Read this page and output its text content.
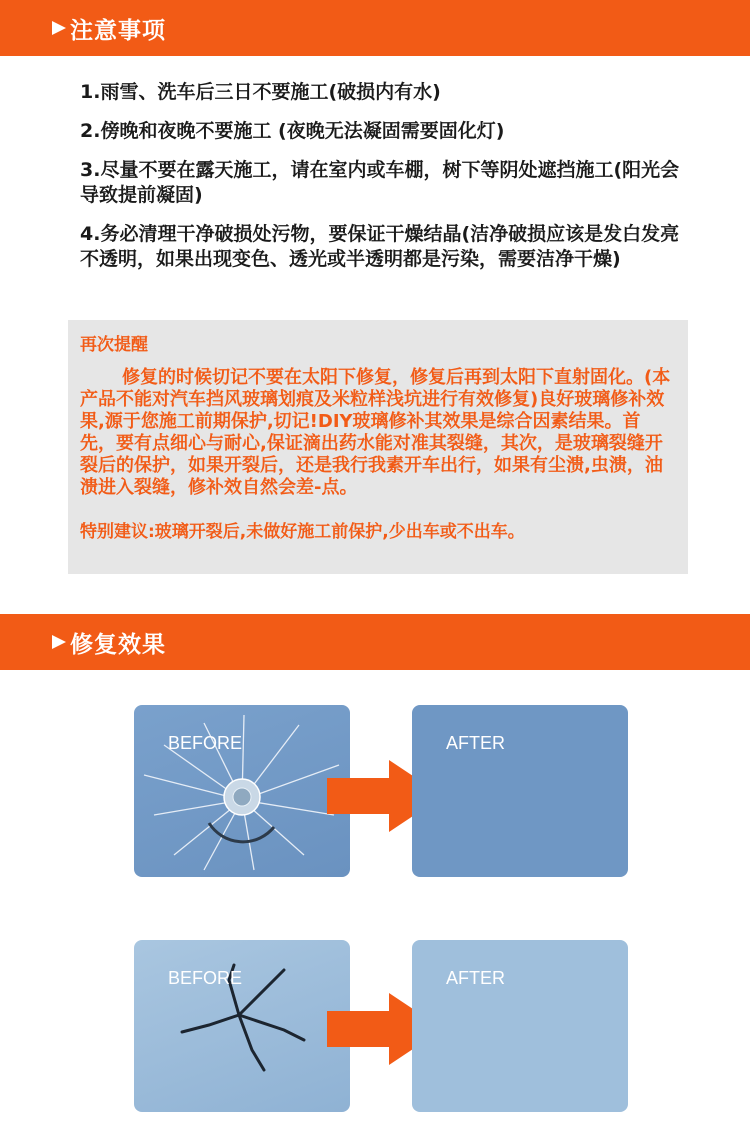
注意事项

1.雨雪、洗车后三日不要施工(破损内有水)

2.傍晚和夜晚不要施工 (夜晚无法凝固需要固化灯)

3.尽量不要在露天施工，请在室内或车棚，树下等阴处遮挡施工(阳光会导致提前凝固)

4.务必清理干净破损处污物，要保证干燥结晶(洁净破损应该是发白发亮不透明，如果出现变色、透光或半透明都是污染，需要洁净干燥)

再次提醒

修复的时候切记不要在太阳下修复，修复后再到太阳下直射固化。(本产品不能对汽车挡风玻璃划痕及米粒样浅坑进行有效修复)良好玻璃修补效果,源于您施工前期保护,切记!DIY玻璃修补其效果是综合因素结果。首先，要有点细心与耐心,保证滴出药水能对准其裂缝，其次，是玻璃裂缝开裂后的保护，如果开裂后，还是我行我素开车出行，如果有尘溃,虫溃，油溃进入裂缝，修补效自然会差-点。

特别建议:玻璃开裂后,未做好施工前保护,少出车或不出车。
修复效果
BEFORE	AFTER
BEFORE	AFTER
